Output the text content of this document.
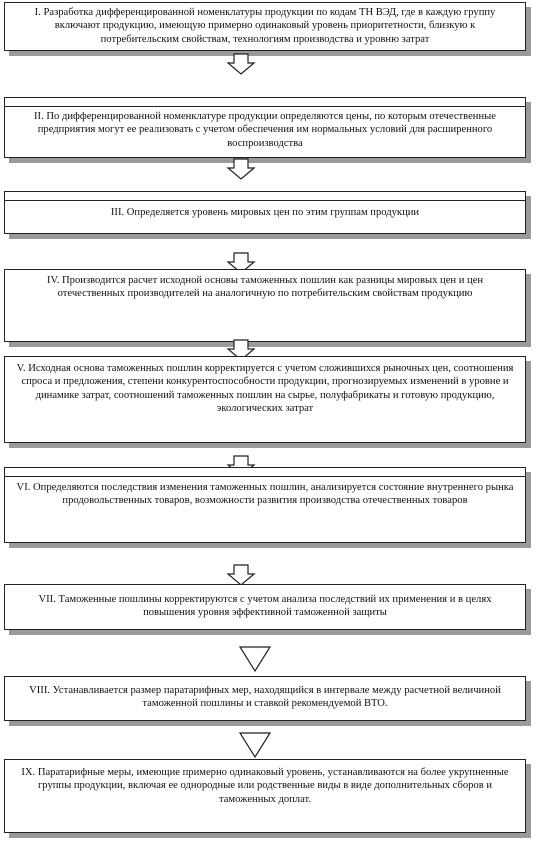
I. Разработка дифференцированной номенклатуры продукции по кодам ТН ВЭД, где в каждую группу включают продукцию, имеющую примерно одинаковый уровень приоритетности, близкую к потребительским свойствам, технологиям производства и уровню затрат
II. По дифференцированной номенклатуре продукции определяются цены, по которым отечественные предприятия могут ее реализовать с учетом обеспечения им нормальных условий для расширенного воспроизводства
III. Определяется уровень мировых цен по этим группам продукции
IV. Производится расчет исходной основы таможенных пошлин как разницы мировых цен и цен отечественных производителей на аналогичную по потребительским свойствам продукцию
V. Исходная основа таможенных пошлин корректируется с учетом сложившихся рыночных цен, соотношения спроса и предложения, степени конкурентоспособности продукции, прогнозируемых изменений в уровне и динамике затрат, соотношений таможенных пошлин на сырье, полуфабрикаты и готовую продукцию, экологических затрат
VI. Определяются последствия изменения таможенных пошлин, анализируется состояние внутреннего рынка продовольственных товаров, возможности развития производства отечественных товаров
VII. Таможенные пошлины корректируются с учетом анализа последствий их применения и в целях повышения уровня эффективной таможенной защиты
VIII. Устанавливается размер паратарифных мер, находящийся в интервале между расчетной величиной таможенной пошлины и ставкой рекомендуемой ВТО.
IX. Паратарифные меры, имеющие примерно одинаковый уровень, устанавливаются на более укрупненные группы продукции, включая ее однородные или родственные виды в виде дополнительных сборов и таможенных доплат.
